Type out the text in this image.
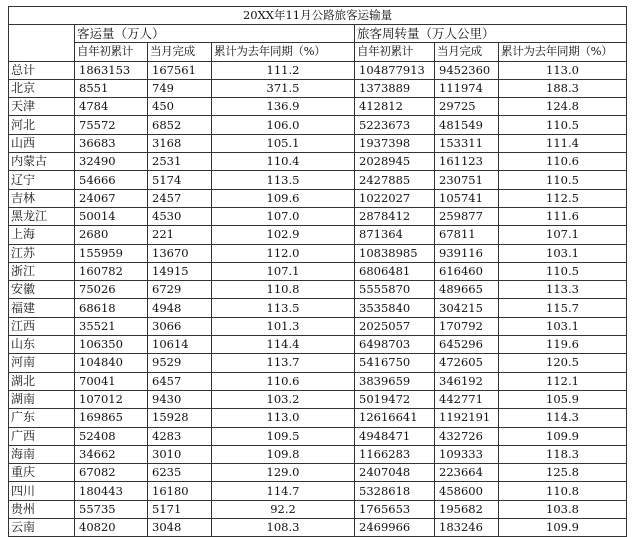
20XX年11月公路旅客运输量						
	客运量（万人）			旅客周转量（万人公里）		
	自年初累计	当月完成	累计为去年同期（%）	自年初累计	当月完成	累计为去年同期（%）
总计	1863153	167561	111.2	104877913	9452360	113.0
北京	8551	749	371.5	1373889	111974	188.3
天津	4784	450	136.9	412812	29725	124.8
河北	75572	6852	106.0	5223673	481549	110.5
山西	36683	3168	105.1	1937398	153311	111.4
内蒙古	32490	2531	110.4	2028945	161123	110.6
辽宁	54666	5174	113.5	2427885	230751	110.5
吉林	24067	2457	109.6	1022027	105741	112.5
黑龙江	50014	4530	107.0	2878412	259877	111.6
上海	2680	221	102.9	871364	67811	107.1
江苏	155959	13670	112.0	10838985	939116	103.1
浙江	160782	14915	107.1	6806481	616460	110.5
安徽	75026	6729	110.8	5555870	489665	113.3
福建	68618	4948	113.5	3535840	304215	115.7
江西	35521	3066	101.3	2025057	170792	103.1
山东	106350	10614	114.4	6498703	645296	119.6
河南	104840	9529	113.7	5416750	472605	120.5
湖北	70041	6457	110.6	3839659	346192	112.1
湖南	107012	9430	103.2	5019472	442771	105.9
广东	169865	15928	113.0	12616641	1192191	114.3
广西	52408	4283	109.5	4948471	432726	109.9
海南	34662	3010	109.8	1166283	109333	118.3
重庆	67082	6235	129.0	2407048	223664	125.8
四川	180443	16180	114.7	5328618	458600	110.8
贵州	55735	5171	92.2	1765653	195682	103.8
云南	40820	3048	108.3	2469966	183246	109.9
